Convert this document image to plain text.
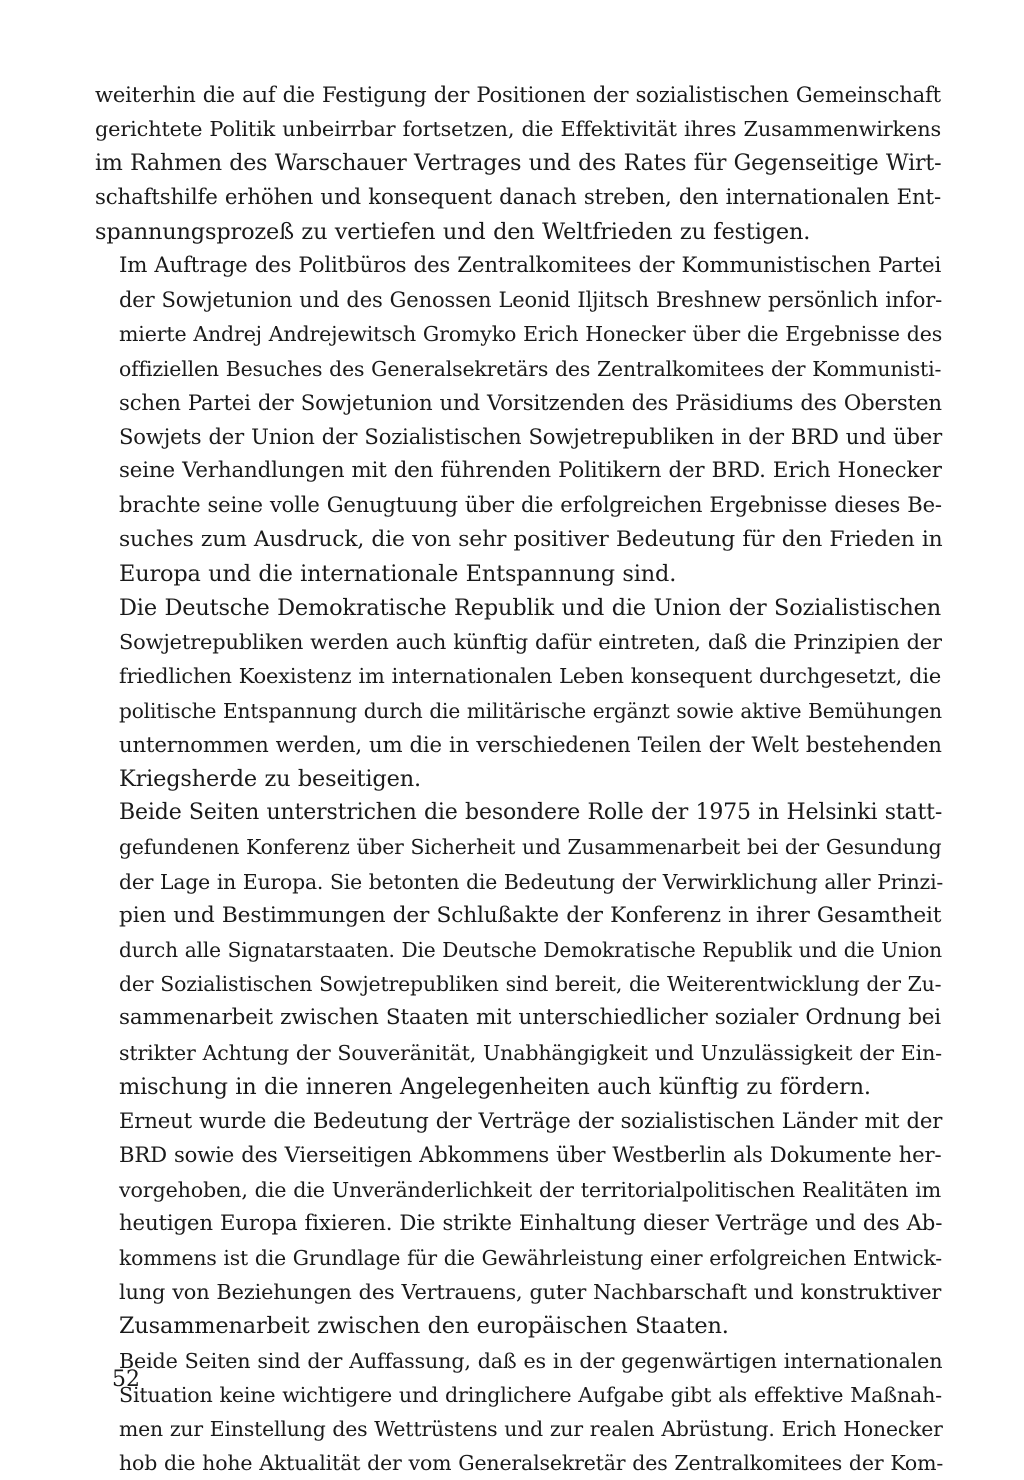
weiterhin die auf die Festigung der Positionen der sozialistischen Gemeinschaft
gerichtete Politik unbeirrbar fortsetzen, die Effektivität ihres Zusammenwirkens
im Rahmen des Warschauer Vertrages und des Rates für Gegenseitige Wirt-
schaftshilfe erhöhen und konsequent danach streben, den internationalen Ent-
spannungsprozeß zu vertiefen und den Weltfrieden zu festigen.

Im Auftrage des Politbüros des Zentralkomitees der Kommunistischen Partei
der Sowjetunion und des Genossen Leonid Iljitsch Breshnew persönlich infor-
mierte Andrej Andrejewitsch Gromyko Erich Honecker über die Ergebnisse des
offiziellen Besuches des Generalsekretärs des Zentralkomitees der Kommunisti-
schen Partei der Sowjetunion und Vorsitzenden des Präsidiums des Obersten
Sowjets der Union der Sozialistischen Sowjetrepubliken in der BRD und über
seine Verhandlungen mit den führenden Politikern der BRD. Erich Honecker
brachte seine volle Genugtuung über die erfolgreichen Ergebnisse dieses Be-
suches zum Ausdruck, die von sehr positiver Bedeutung für den Frieden in
Europa und die internationale Entspannung sind.

Die Deutsche Demokratische Republik und die Union der Sozialistischen
Sowjetrepubliken werden auch künftig dafür eintreten, daß die Prinzipien der
friedlichen Koexistenz im internationalen Leben konsequent durchgesetzt, die
politische Entspannung durch die militärische ergänzt sowie aktive Bemühungen
unternommen werden, um die in verschiedenen Teilen der Welt bestehenden
Kriegsherde zu beseitigen.

Beide Seiten unterstrichen die besondere Rolle der 1975 in Helsinki statt-
gefundenen Konferenz über Sicherheit und Zusammenarbeit bei der Gesundung
der Lage in Europa. Sie betonten die Bedeutung der Verwirklichung aller Prinzi-
pien und Bestimmungen der Schlußakte der Konferenz in ihrer Gesamtheit
durch alle Signatarstaaten. Die Deutsche Demokratische Republik und die Union
der Sozialistischen Sowjetrepubliken sind bereit, die Weiterentwicklung der Zu-
sammenarbeit zwischen Staaten mit unterschiedlicher sozialer Ordnung bei
strikter Achtung der Souveränität, Unabhängigkeit und Unzulässigkeit der Ein-
mischung in die inneren Angelegenheiten auch künftig zu fördern.

Erneut wurde die Bedeutung der Verträge der sozialistischen Länder mit der
BRD sowie des Vierseitigen Abkommens über Westberlin als Dokumente her-
vorgehoben, die die Unveränderlichkeit der territorialpolitischen Realitäten im
heutigen Europa fixieren. Die strikte Einhaltung dieser Verträge und des Ab-
kommens ist die Grundlage für die Gewährleistung einer erfolgreichen Entwick-
lung von Beziehungen des Vertrauens, guter Nachbarschaft und konstruktiver
Zusammenarbeit zwischen den europäischen Staaten.

Beide Seiten sind der Auffassung, daß es in der gegenwärtigen internationalen
Situation keine wichtigere und dringlichere Aufgabe gibt als effektive Maßnah-
men zur Einstellung des Wettrüstens und zur realen Abrüstung. Erich Honecker
hob die hohe Aktualität der vom Generalsekretär des Zentralkomitees der Kom-

52
